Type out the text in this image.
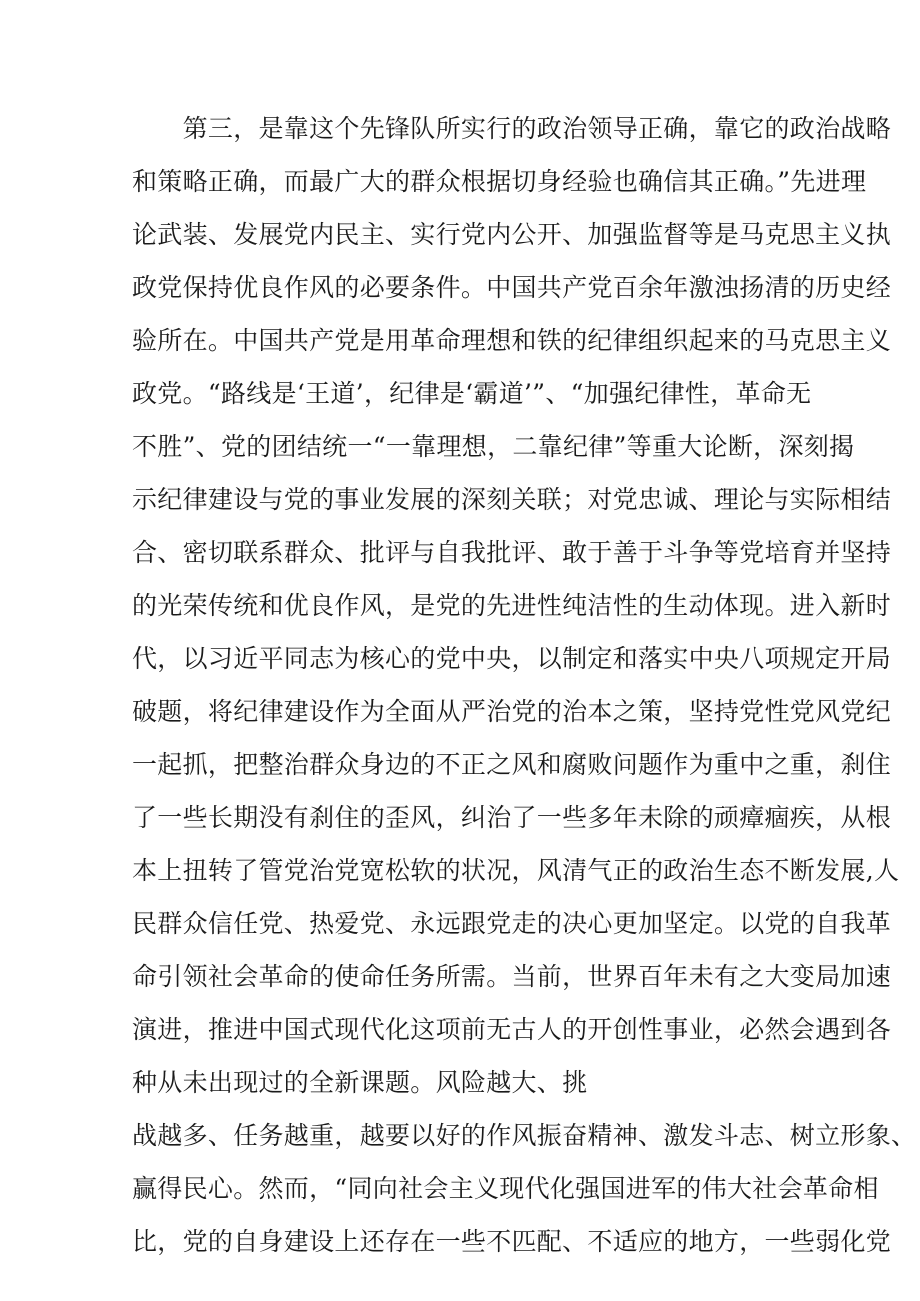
　　第三，是靠这个先锋队所实行的政治领导正确，靠它的政治战略
和策略正确，而最广大的群众根据切身经验也确信其正确。”先进理
论武装、发展党内民主、实行党内公开、加强监督等是马克思主义执
政党保持优良作风的必要条件。中国共产党百余年激浊扬清的历史经
验所在。中国共产党是用革命理想和铁的纪律组织起来的马克思主义
政党。“路线是‘王道’，纪律是‘霸道’”、“加强纪律性，革命无
不胜”、党的团结统一“一靠理想，二靠纪律”等重大论断，深刻揭
示纪律建设与党的事业发展的深刻关联；对党忠诚、理论与实际相结
合、密切联系群众、批评与自我批评、敢于善于斗争等党培育并坚持
的光荣传统和优良作风，是党的先进性纯洁性的生动体现。进入新时
代，以习近平同志为核心的党中央，以制定和落实中央八项规定开局
破题，将纪律建设作为全面从严治党的治本之策，坚持党性党风党纪
一起抓，把整治群众身边的不正之风和腐败问题作为重中之重，刹住
了一些长期没有刹住的歪风，纠治了一些多年未除的顽瘴痼疾，从根
本上扭转了管党治党宽松软的状况，风清气正的政治生态不断发展,人
民群众信任党、热爱党、永远跟党走的决心更加坚定。以党的自我革
命引领社会革命的使命任务所需。当前，世界百年未有之大变局加速
演进，推进中国式现代化这项前无古人的开创性事业，必然会遇到各
种从未出现过的全新课题。风险越大、挑
战越多、任务越重，越要以好的作风振奋精神、激发斗志、树立形象、
赢得民心。然而，“同向社会主义现代化强国进军的伟大社会革命相
比，党的自身建设上还存在一些不匹配、不适应的地方，一些弱化党
